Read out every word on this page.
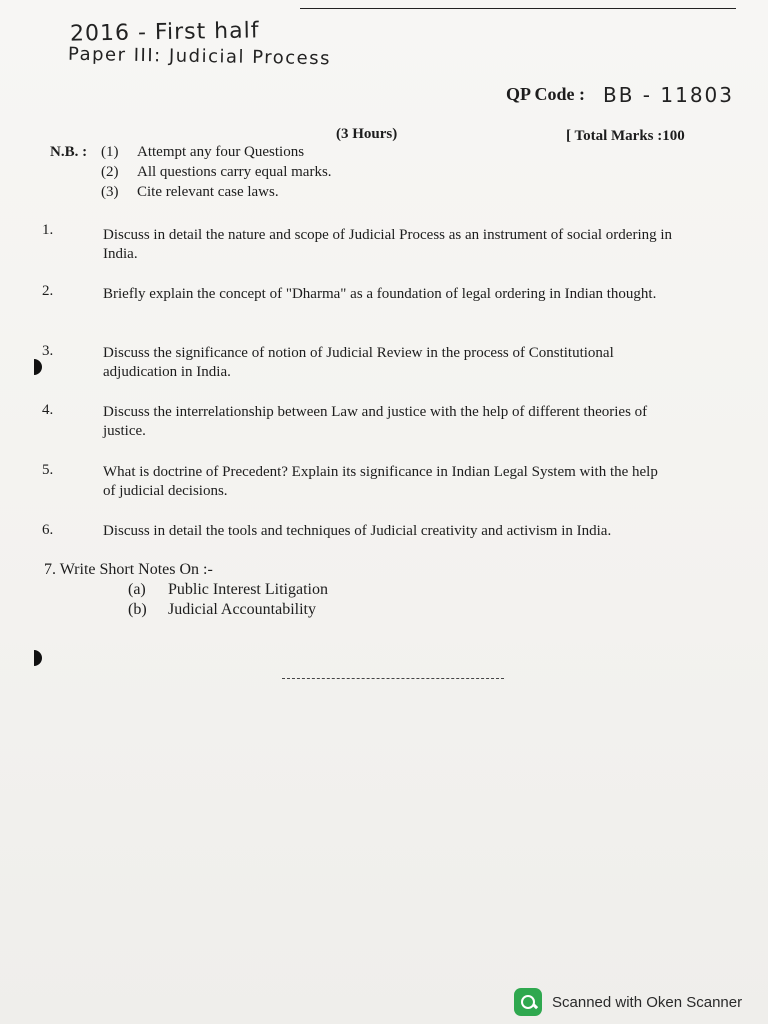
2016 - First half
Paper III: Judicial Process
QP Code : BB - 11803
(3 Hours)	[ Total Marks :100
N.B. : (1) Attempt any four Questions
(2) All questions carry equal marks.
(3) Cite relevant case laws.
1.	Discuss in detail the nature and scope of Judicial Process as an instrument of social ordering in India.
2.	Briefly explain the concept of "Dharma" as a foundation of legal ordering in Indian thought.
3.	Discuss the significance of notion of Judicial Review in the process of Constitutional adjudication in India.
4.	Discuss the interrelationship between Law and justice with the help of different theories of justice.
5.	What is doctrine of Precedent? Explain its significance in Indian Legal System with the help of judicial decisions.
6.	Discuss in detail the tools and techniques of Judicial creativity and activism in India.
7. Write Short Notes On :-
(a) Public Interest Litigation
(b) Judicial Accountability
Scanned with Oken Scanner
